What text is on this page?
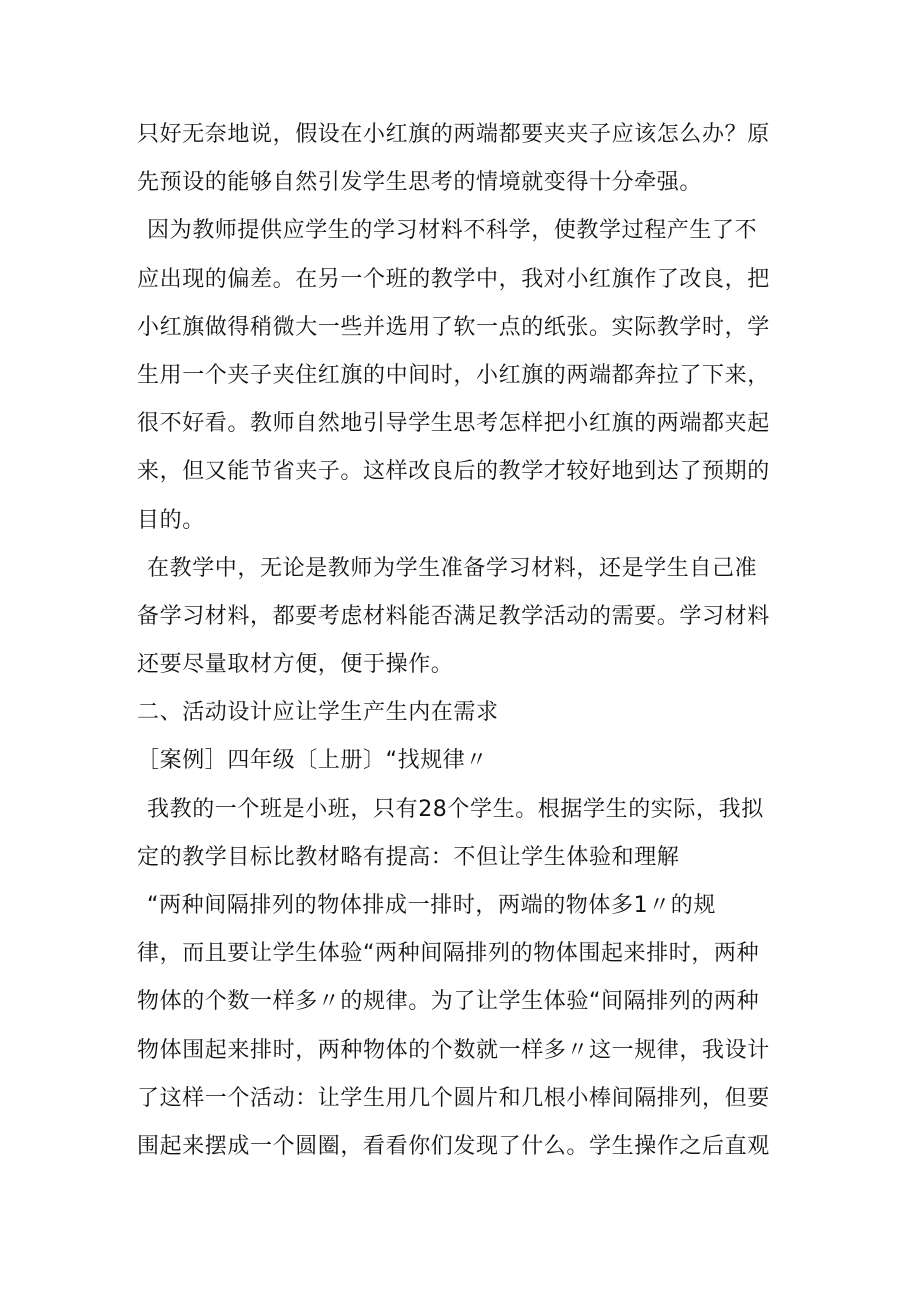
只好无奈地说，假设在小红旗的两端都要夹夹子应该怎么办？原
先预设的能够自然引发学生思考的情境就变得十分牵强。
因为教师提供应学生的学习材料不科学，使教学过程产生了不
应出现的偏差。在另一个班的教学中，我对小红旗作了改良，把
小红旗做得稍微大一些并选用了软一点的纸张。实际教学时，学
生用一个夹子夹住红旗的中间时，小红旗的两端都奔拉了下来，
很不好看。教师自然地引导学生思考怎样把小红旗的两端都夹起
来，但又能节省夹子。这样改良后的教学才较好地到达了预期的
目的。
在教学中，无论是教师为学生准备学习材料，还是学生自己准
备学习材料，都要考虑材料能否满足教学活动的需要。学习材料
还要尽量取材方便，便于操作。
二、活动设计应让学生产生内在需求
［案例］四年级〔上册〕“找规律〃
我教的一个班是小班，只有28个学生。根据学生的实际，我拟
定的教学目标比教材略有提高：不但让学生体验和理解
“两种间隔排列的物体排成一排时，两端的物体多1〃的规
律，而且要让学生体验“两种间隔排列的物体围起来排时，两种
物体的个数一样多〃的规律。为了让学生体验“间隔排列的两种
物体围起来排时，两种物体的个数就一样多〃这一规律，我设计
了这样一个活动：让学生用几个圆片和几根小棒间隔排列，但要
围起来摆成一个圆圈，看看你们发现了什么。学生操作之后直观
